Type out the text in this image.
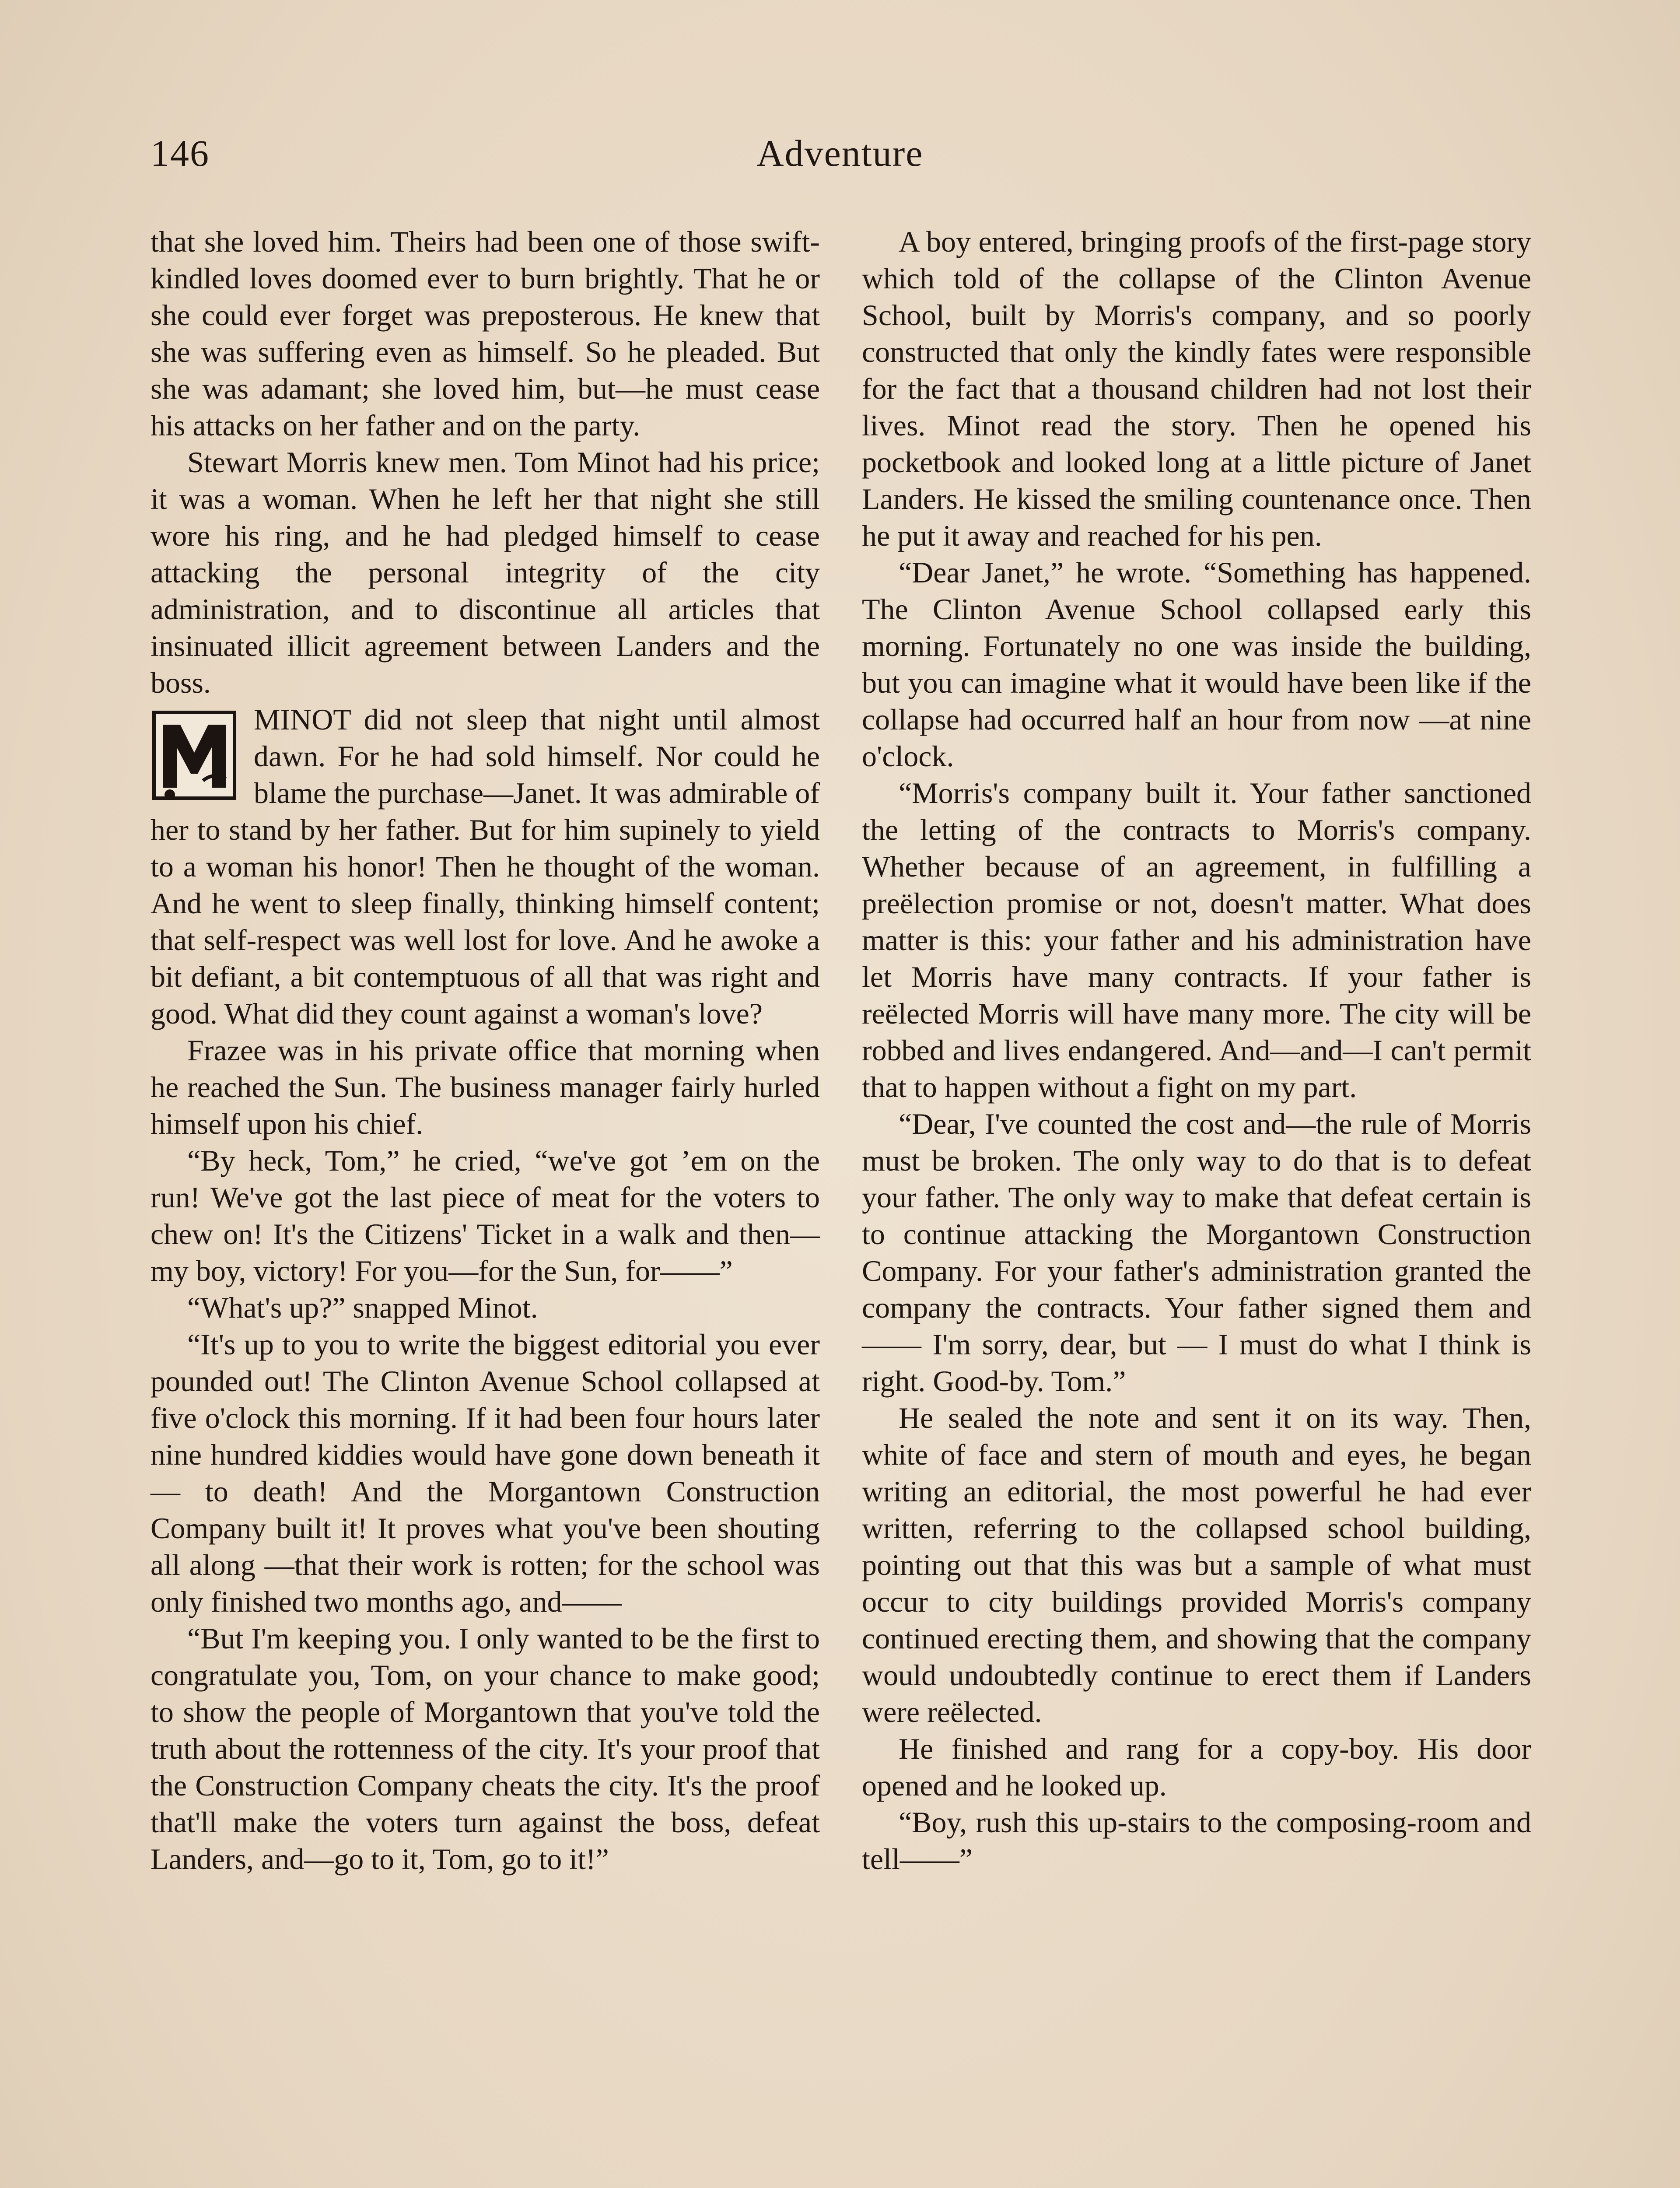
146	Adventure

that she loved him. Theirs had been one of those swift-kindled loves doomed ever to burn brightly. That he or she could ever forget was preposterous. He knew that she was suffering even as himself. So he pleaded. But she was adamant; she loved him, but—he must cease his attacks on her father and on the party.

Stewart Morris knew men. Tom Minot had his price; it was a woman. When he left her that night she still wore his ring, and he had pledged himself to cease attacking the personal integrity of the city administration, and to discontinue all articles that insinuated illicit agreement between Landers and the boss.

MINOT did not sleep that night until almost dawn. For he had sold himself. Nor could he blame the purchase—Janet. It was admirable of her to stand by her father. But for him supinely to yield to a woman his honor! Then he thought of the woman. And he went to sleep finally, thinking himself content; that self-respect was well lost for love. And he awoke a bit defiant, a bit contemptuous of all that was right and good. What did they count against a woman's love?

Frazee was in his private office that morning when he reached the Sun. The business manager fairly hurled himself upon his chief.

“By heck, Tom,” he cried, “we've got ’em on the run! We've got the last piece of meat for the voters to chew on! It's the Citizens' Ticket in a walk and then—my boy, victory! For you—for the Sun, for——”

“What's up?” snapped Minot.

“It's up to you to write the biggest editorial you ever pounded out! The Clinton Avenue School collapsed at five o'clock this morning. If it had been four hours later nine hundred kiddies would have gone down beneath it — to death! And the Morgantown Construction Company built it! It proves what you've been shouting all along —that their work is rotten; for the school was only finished two months ago, and——

“But I'm keeping you. I only wanted to be the first to congratulate you, Tom, on your chance to make good; to show the people of Morgantown that you've told the truth about the rottenness of the city. It's your proof that the Construction Company cheats the city. It's the proof that'll make the voters turn against the boss, defeat Landers, and—go to it, Tom, go to it!”

A boy entered, bringing proofs of the first-page story which told of the collapse of the Clinton Avenue School, built by Morris's company, and so poorly constructed that only the kindly fates were responsible for the fact that a thousand children had not lost their lives. Minot read the story. Then he opened his pocketbook and looked long at a little picture of Janet Landers. He kissed the smiling countenance once. Then he put it away and reached for his pen.

“Dear Janet,” he wrote. “Something has happened. The Clinton Avenue School collapsed early this morning. Fortunately no one was inside the building, but you can imagine what it would have been like if the collapse had occurred half an hour from now —at nine o'clock.

“Morris's company built it. Your father sanctioned the letting of the contracts to Morris's company. Whether because of an agreement, in fulfilling a preëlection promise or not, doesn't matter. What does matter is this: your father and his administration have let Morris have many contracts. If your father is reëlected Morris will have many more. The city will be robbed and lives endangered. And—and—I can't permit that to happen without a fight on my part.

“Dear, I've counted the cost and—the rule of Morris must be broken. The only way to do that is to defeat your father. The only way to make that defeat certain is to continue attacking the Morgantown Construction Company. For your father's administration granted the company the contracts. Your father signed them and—— I'm sorry, dear, but — I must do what I think is right. Good-by. Tom.”

He sealed the note and sent it on its way. Then, white of face and stern of mouth and eyes, he began writing an editorial, the most powerful he had ever written, referring to the collapsed school building, pointing out that this was but a sample of what must occur to city buildings provided Morris's company continued erecting them, and showing that the company would undoubtedly continue to erect them if Landers were reëlected.

He finished and rang for a copy-boy. His door opened and he looked up.

“Boy, rush this up-stairs to the composing-room and tell——”
